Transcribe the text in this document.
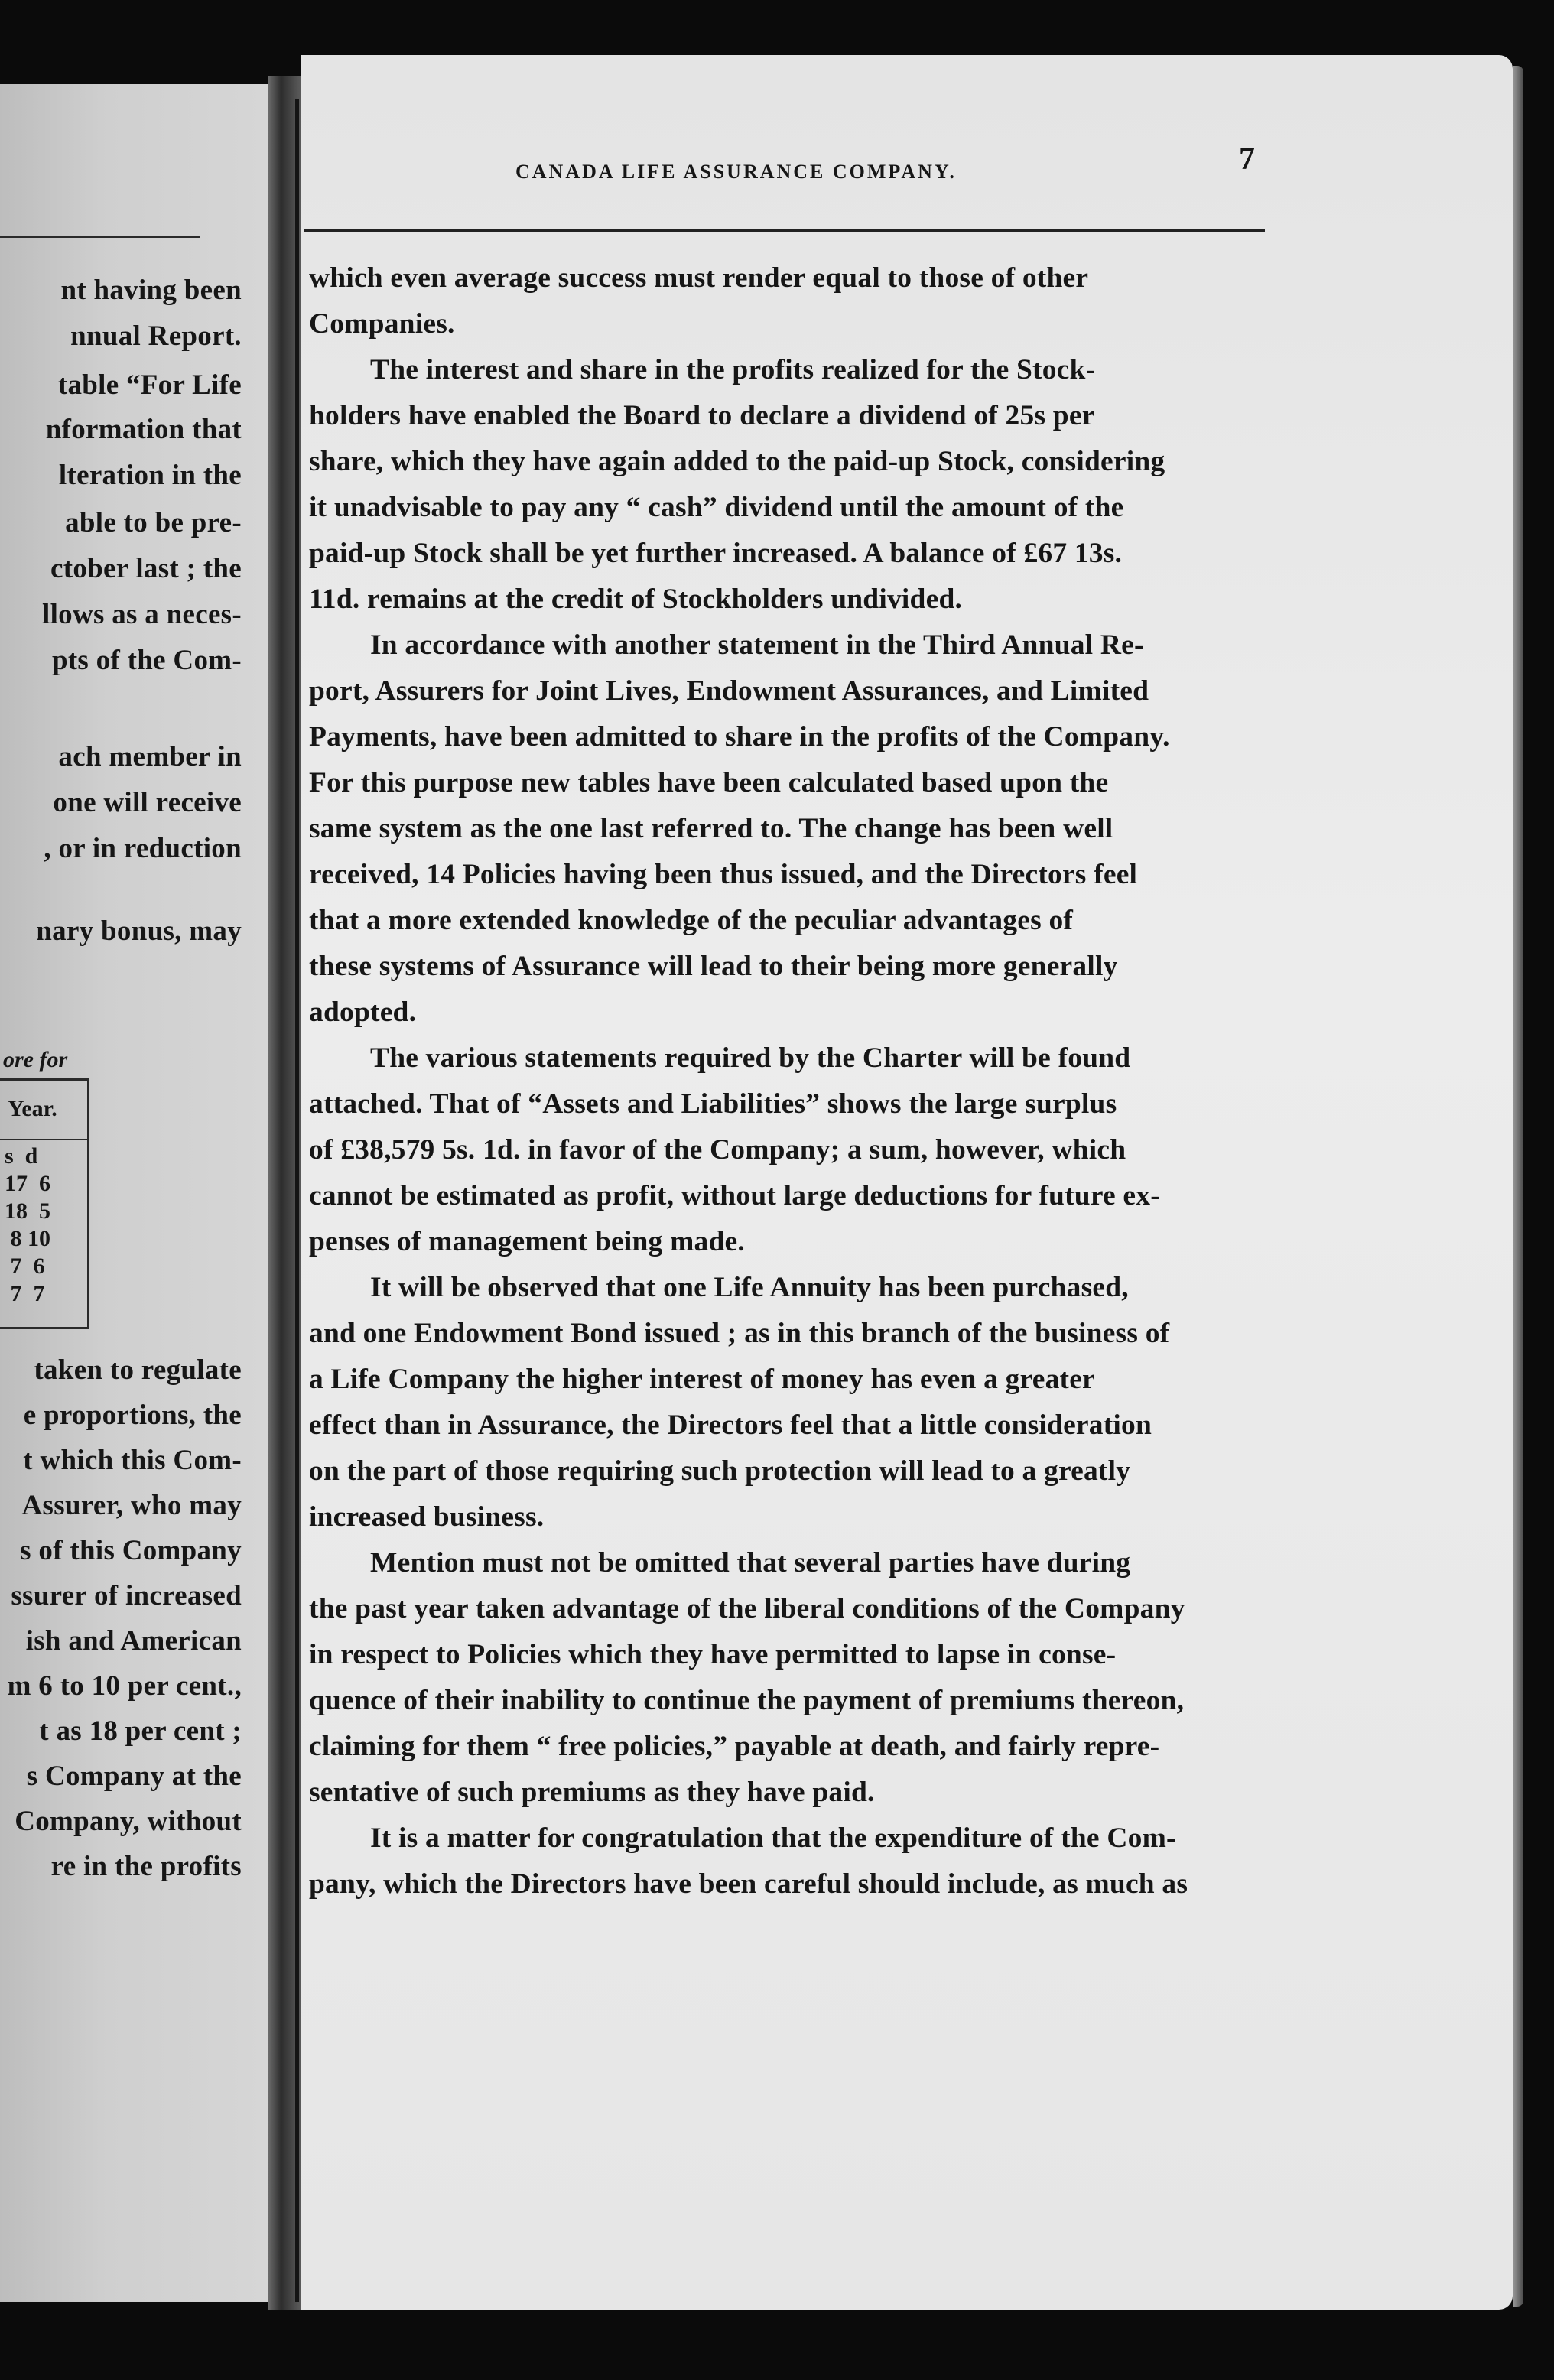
nt having been

nnual Report.

table “For Life

nformation that

lteration in the

able to be pre-

ctober last ; the

llows as a neces-

pts of the Com-

ach member in

one will receive

, or in reduction

nary bonus, may

ore for
Year.
s  d
17  6
18  5
8 10
7  6
7  7

taken to regulate

e proportions, the

t which this Com-

Assurer, who may

s of this Company

ssurer of increased

ish and American

m 6 to 10 per cent.,

t as 18 per cent ;

s Company at the

Company, without

re in the profits

CANADA LIFE ASSURANCE COMPANY.	7

which even average success must render equal to those of other

Companies.

The interest and share in the profits realized for the Stock-

holders have enabled the Board to declare a dividend of 25s per

share, which they have again added to the paid-up Stock, considering

it unadvisable to pay any “ cash” dividend until the amount of the

paid-up Stock shall be yet further increased. A balance of £67 13s.

11d. remains at the credit of Stockholders undivided.

In accordance with another statement in the Third Annual Re-

port, Assurers for Joint Lives, Endowment Assurances, and Limited

Payments, have been admitted to share in the profits of the Company.

For this purpose new tables have been calculated based upon the

same system as the one last referred to. The change has been well

received, 14 Policies having been thus issued, and the Directors feel

that a more extended knowledge of the peculiar advantages of

these systems of Assurance will lead to their being more generally

adopted.

The various statements required by the Charter will be found

attached. That of “Assets and Liabilities” shows the large surplus

of £38,579 5s. 1d. in favor of the Company; a sum, however, which

cannot be estimated as profit, without large deductions for future ex-

penses of management being made.

It will be observed that one Life Annuity has been purchased,

and one Endowment Bond issued ; as in this branch of the business of

a Life Company the higher interest of money has even a greater

effect than in Assurance, the Directors feel that a little consideration

on the part of those requiring such protection will lead to a greatly

increased business.

Mention must not be omitted that several parties have during

the past year taken advantage of the liberal conditions of the Company

in respect to Policies which they have permitted to lapse in conse-

quence of their inability to continue the payment of premiums thereon,

claiming for them “ free policies,” payable at death, and fairly repre-

sentative of such premiums as they have paid.

It is a matter for congratulation that the expenditure of the Com-

pany, which the Directors have been careful should include, as much as
